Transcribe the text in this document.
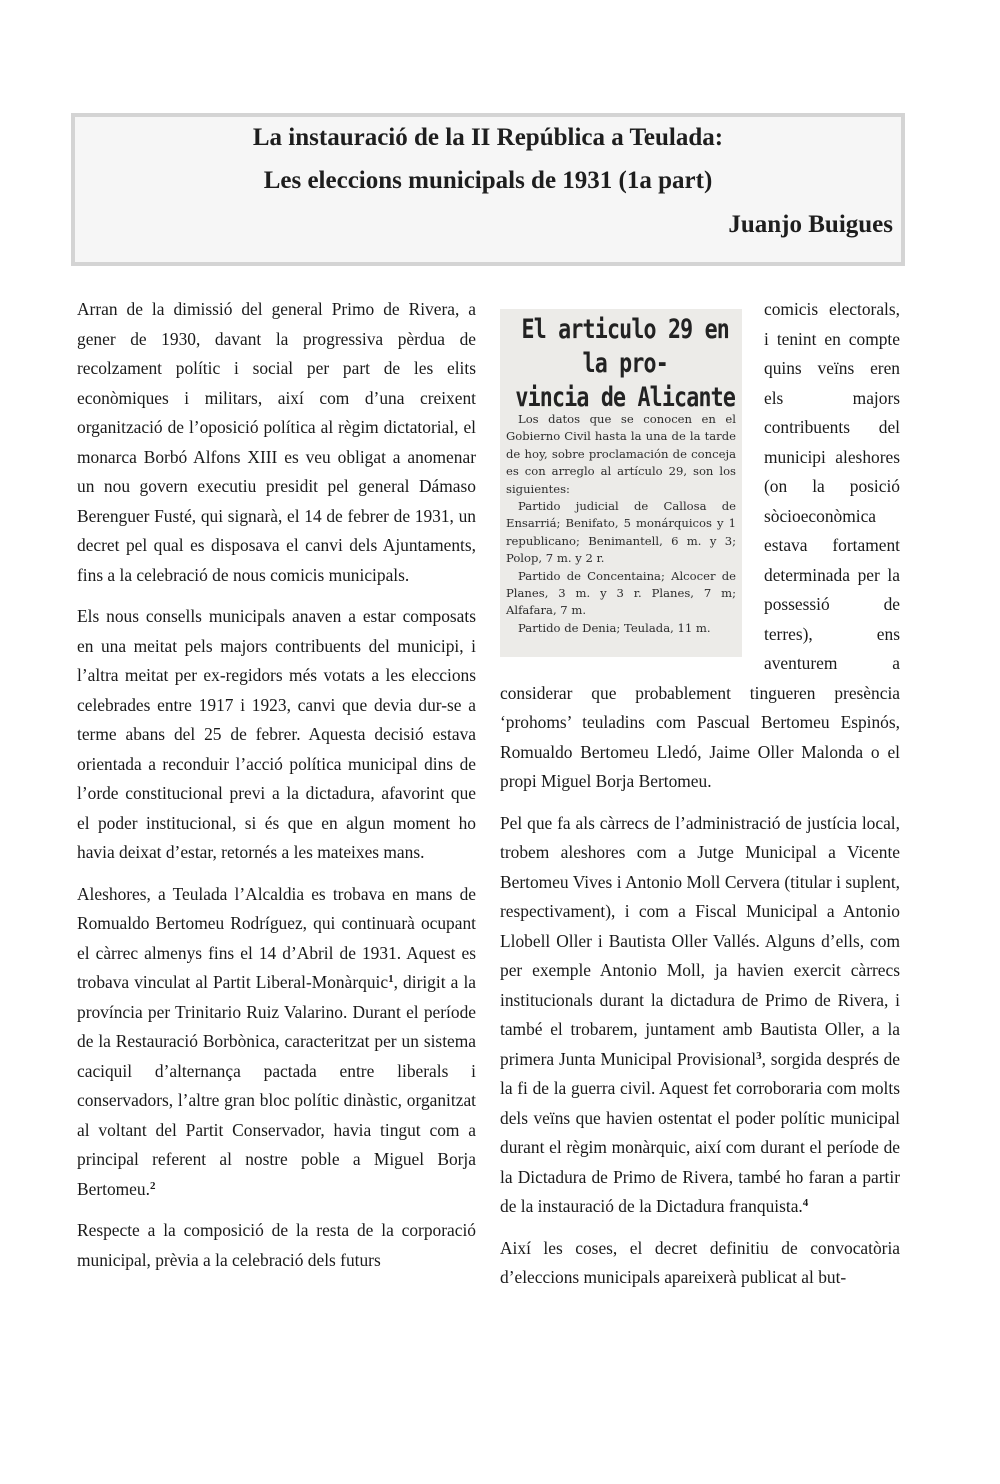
La instauració de la II República a Teulada:
Les eleccions municipals de 1931 (1a part)
Juanjo Buigues

Arran de la dimissió del general Primo de Rivera, a gener de 1930, davant la progressiva pèrdua de recolzament polític i social per part de les elits econòmiques i militars, així com d’una creixent organització de l’oposició política al règim dictatorial, el monarca Borbó Alfons XIII es veu obligat a anomenar un nou govern executiu presidit pel general Dámaso Berenguer Fusté, qui signarà, el 14 de febrer de 1931, un decret pel qual es disposava el canvi dels Ajuntaments, fins a la celebració de nous comicis municipals.

Els nous consells municipals anaven a estar composats en una meitat pels majors contribuents del municipi, i l’altra meitat per ex-regidors més votats a les eleccions celebrades entre 1917 i 1923, canvi que devia dur-se a terme abans del 25 de febrer. Aquesta decisió estava orientada a reconduir l’acció política municipal dins de l’orde constitucional previ a la dictadura, afavorint que el poder institucional, si és que en algun moment ho havia deixat d’estar, retornés a les mateixes mans.

Aleshores, a Teulada l’Alcaldia es trobava en mans de Romualdo Bertomeu Rodríguez, qui continuarà ocupant el càrrec almenys fins el 14 d’Abril de 1931. Aquest es trobava vinculat al Partit Liberal-Monàrquic$^1$, dirigit a la província per Trinitario Ruiz Valarino. Durant el període de la Restauració Borbònica, caracteritzat per un sistema caciquil d’alternança pactada entre liberals i conservadors, l’altre gran bloc polític dinàstic, organitzat al voltant del Partit Conservador, havia tingut com a principal referent al nostre poble a Miguel Borja Bertomeu.$^2$

Respecte a la composició de la resta de la corporació municipal, prèvia a la celebració dels futurs

El articulo 29 en la pro-
vincia de Alicante
Los datos que se conocen en el Gobierno Civil hasta la una de la tarde de hoy, sobre proclamación de conceja es con arreglo al artículo 29, son los siguientes:
Partido judicial de Callosa de Ensarriá; Benifato, 5 monárquicos y 1 republicano; Benimantell, 6 m. y 3; Polop, 7 m. y 2 r.
Partido de Concentaina; Alcocer de Planes, 3 m. y 3 r. Planes, 7 m; Alfafara, 7 m.
Partido de Denia; Teulada, 11 m.

comicis electorals, i tenint en compte quins veïns eren els majors contribuents del municipi aleshores (on la posició sòcioeconòmica estava fortament determinada per la possessió de terres), ens aventurem a considerar que probablement tingueren presència ‘prohoms’ teuladins com Pascual Bertomeu Espinós, Romualdo Bertomeu Lledó, Jaime Oller Malonda o el propi Miguel Borja Bertomeu.

Pel que fa als càrrecs de l’administració de justícia local, trobem aleshores com a Jutge Municipal a Vicente Bertomeu Vives i Antonio Moll Cervera (titular i suplent, respectivament), i com a Fiscal Municipal a Antonio Llobell Oller i Bautista Oller Vallés. Alguns d’ells, com per exemple Antonio Moll, ja havien exercit càrrecs institucionals durant la dictadura de Primo de Rivera, i també el trobarem, juntament amb Bautista Oller, a la primera Junta Municipal Provisional$^3$, sorgida després de la fi de la guerra civil. Aquest fet corroboraria com molts dels veïns que havien ostentat el poder polític municipal durant el règim monàrquic, així com durant el període de la Dictadura de Primo de Rivera, també ho faran a partir de la instauració de la Dictadura franquista.$^4$

Així les coses, el decret definitiu de convocatòria d’eleccions municipals apareixerà publicat al but-
